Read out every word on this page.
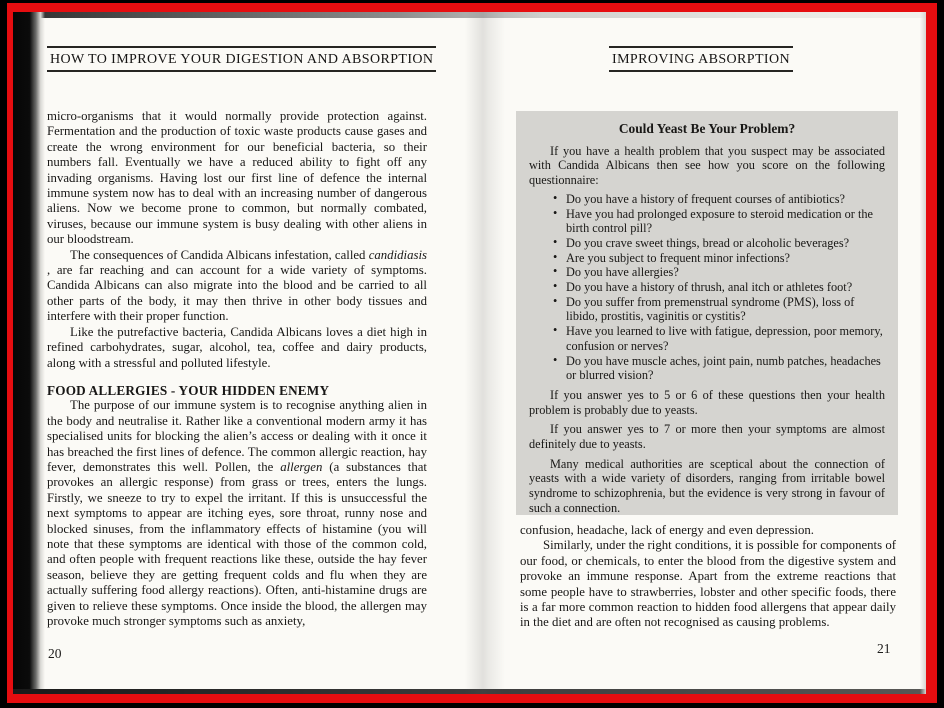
HOW TO IMPROVE YOUR DIGESTION AND ABSORPTION	IMPROVING ABSORPTION

micro-organisms that it would normally provide protection against. Fermentation and the production of toxic waste products cause gases and create the wrong environment for our beneficial bacteria, so their numbers fall. Eventually we have a reduced ability to fight off any invading organisms. Having lost our first line of defence the internal immune system now has to deal with an increasing number of dangerous aliens. Now we become prone to common, but normally combated, viruses, because our immune system is busy dealing with other aliens in our bloodstream.

The consequences of Candida Albicans infestation, called candidiasis , are far reaching and can account for a wide variety of symptoms. Candida Albicans can also migrate into the blood and be carried to all other parts of the body, it may then thrive in other body tissues and interfere with their proper function.

Like the putrefactive bacteria, Candida Albicans loves a diet high in refined carbohydrates, sugar, alcohol, tea, coffee and dairy products, along with a stressful and polluted lifestyle.

FOOD ALLERGIES - YOUR HIDDEN ENEMY

The purpose of our immune system is to recognise anything alien in the body and neutralise it. Rather like a conventional modern army it has specialised units for blocking the alien’s access or dealing with it once it has breached the first lines of defence. The common allergic reaction, hay fever, demonstrates this well. Pollen, the allergen (a substances that provokes an allergic response) from grass or trees, enters the lungs. Firstly, we sneeze to try to expel the irritant. If this is unsuccessful the next symptoms to appear are itching eyes, sore throat, runny nose and blocked sinuses, from the inflammatory effects of histamine (you will note that these symptoms are identical with those of the common cold, and often people with frequent reactions like these, outside the hay fever season, believe they are getting frequent colds and flu when they are actually suffering food allergy reactions). Often, anti-histamine drugs are given to relieve these symptoms. Once inside the blood, the allergen may provoke much stronger symptoms such as anxiety,

Could Yeast Be Your Problem?

If you have a health problem that you suspect may be associated with Candida Albicans then see how you score on the following questionnaire:

• Do you have a history of frequent courses of antibiotics?
• Have you had prolonged exposure to steroid medication or the birth control pill?
• Do you crave sweet things, bread or alcoholic beverages?
• Are you subject to frequent minor infections?
• Do you have allergies?
• Do you have a history of thrush, anal itch or athletes foot?
• Do you suffer from premenstrual syndrome (PMS), loss of libido, prostitis, vaginitis or cystitis?
• Have you learned to live with fatigue, depression, poor memory, confusion or nerves?
• Do you have muscle aches, joint pain, numb patches, headaches or blurred vision?

If you answer yes to 5 or 6 of these questions then your health problem is probably due to yeasts.

If you answer yes to 7 or more then your symptoms are almost definitely due to yeasts.

Many medical authorities are sceptical about the connection of yeasts with a wide variety of disorders, ranging from irritable bowel syndrome to schizophrenia, but the evidence is very strong in favour of such a connection.

confusion, headache, lack of energy and even depression.

Similarly, under the right conditions, it is possible for components of our food, or chemicals, to enter the blood from the digestive system and provoke an immune response. Apart from the extreme reactions that some people have to strawberries, lobster and other specific foods, there is a far more common reaction to hidden food allergens that appear daily in the diet and are often not recognised as causing problems.

20	21
